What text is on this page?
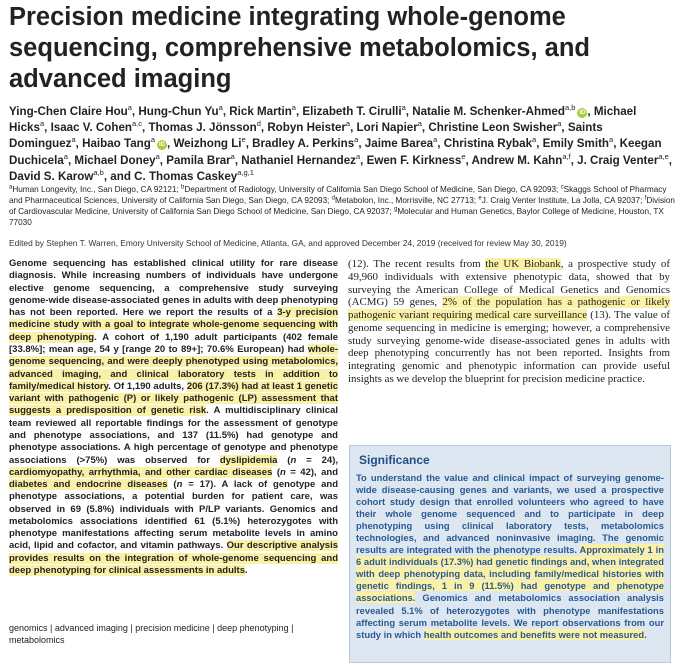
Precision medicine integrating whole-genome sequencing, comprehensive metabolomics, and advanced imaging
Ying-Chen Claire Hou$^a$, Hung-Chun Yu$^a$, Rick Martin$^a$, Elizabeth T. Cirulli$^a$, Natalie M. Schenker-Ahmed$^{a,b}$iD , Michael Hicks$^a$, Isaac V. Cohen$^{a,c}$, Thomas J. Jönsson$^d$, Robyn Heister$^a$, Lori Napier$^a$, Christine Leon Swisher$^a$, Saints Dominguez$^a$, Haibao Tang$^a$iD , Weizhong Li$^e$, Bradley A. Perkins$^a$, Jaime Barea$^a$, Christina Rybak$^a$, Emily Smith$^a$, Keegan Duchicela$^a$, Michael Doney$^a$, Pamila Brar$^a$, Nathaniel Hernandez$^a$, Ewen F. Kirkness$^e$, Andrew M. Kahn$^{a,f}$, J. Craig Venter$^{a,e}$, David S. Karow$^{a,b}$, and C. Thomas Caskey$^{a,g,1}$
$^a$Human Longevity, Inc., San Diego, CA 92121; $^b$Department of Radiology, University of California San Diego School of Medicine, San Diego, CA 92093; $^c$Skaggs School of Pharmacy and Pharmaceutical Sciences, University of California San Diego, San Diego, CA 92093; $^d$Metabolon, Inc., Morrisville, NC 27713; $^e$J. Craig Venter Institute, La Jolla, CA 92037; $^f$Division of Cardiovascular Medicine, University of California San Diego School of Medicine, San Diego, CA 92037; $^g$Molecular and Human Genetics, Baylor College of Medicine, Houston, TX 77030
Edited by Stephen T. Warren, Emory University School of Medicine, Atlanta, GA, and approved December 24, 2019 (received for review May 30, 2019)

Genome sequencing has established clinical utility for rare disease diagnosis. While increasing numbers of individuals have undergone elective genome sequencing, a comprehensive study surveying genome-wide disease-associated genes in adults with deep phenotyping has not been reported. Here we report the results of a 3-y precision medicine study with a goal to integrate whole-genome sequencing with deep phenotyping. A cohort of 1,190 adult participants (402 female [33.8%]; mean age, 54 y [range 20 to 89+]; 70.6% European) had whole-genome sequencing, and were deeply phenotyped using metabolomics, advanced imaging, and clinical laboratory tests in addition to family/medical history. Of 1,190 adults, 206 (17.3%) had at least 1 genetic variant with pathogenic (P) or likely pathogenic (LP) assessment that suggests a predisposition of genetic risk. A multidisciplinary clinical team reviewed all reportable findings for the assessment of genotype and phenotype associations, and 137 (11.5%) had genotype and phenotype associations. A high percentage of genotype and phenotype associations (>75%) was observed for dyslipidemia (n = 24), cardiomyopathy, arrhythmia, and other cardiac diseases (n = 42), and diabetes and endocrine diseases (n = 17). A lack of genotype and phenotype associations, a potential burden for patient care, was observed in 69 (5.8%) individuals with P/LP variants. Genomics and metabolomics associations identified 61 (5.1%) heterozygotes with phenotype manifestations affecting serum metabolite levels in amino acid, lipid and cofactor, and vitamin pathways. Our descriptive analysis provides results on the integration of whole-genome sequencing and deep phenotyping for clinical assessments in adults.

genomics | advanced imaging | precision medicine | deep phenotyping | metabolomics

(12). The recent results from the UK Biobank, a prospective study of 49,960 individuals with extensive phenotypic data, showed that by surveying the American College of Medical Genetics and Genomics (ACMG) 59 genes, 2% of the population has a pathogenic or likely pathogenic variant requiring medical care surveillance (13). The value of genome sequencing in medicine is emerging; however, a comprehensive study surveying genome-wide disease-associated genes in adults with deep phenotyping concurrently has not been reported. Insights from integrating genomic and phenotypic information can provide useful insights as we develop the blueprint for precision medicine practice.

Significance

To understand the value and clinical impact of surveying genome-wide disease-causing genes and variants, we used a prospective cohort study design that enrolled volunteers who agreed to have their whole genome sequenced and to participate in deep phenotyping using clinical laboratory tests, metabolomics technologies, and advanced noninvasive imaging. The genomic results are integrated with the phenotype results. Approximately 1 in 6 adult individuals (17.3%) had genetic findings and, when integrated with deep phenotyping data, including family/medical histories with genetic findings, 1 in 9 (11.5%) had genotype and phenotype associations. Genomics and metabolomics association analysis revealed 5.1% of heterozygotes with phenotype manifestations affecting serum metabolite levels. We report observations from our study in which health outcomes and benefits were not measured.
